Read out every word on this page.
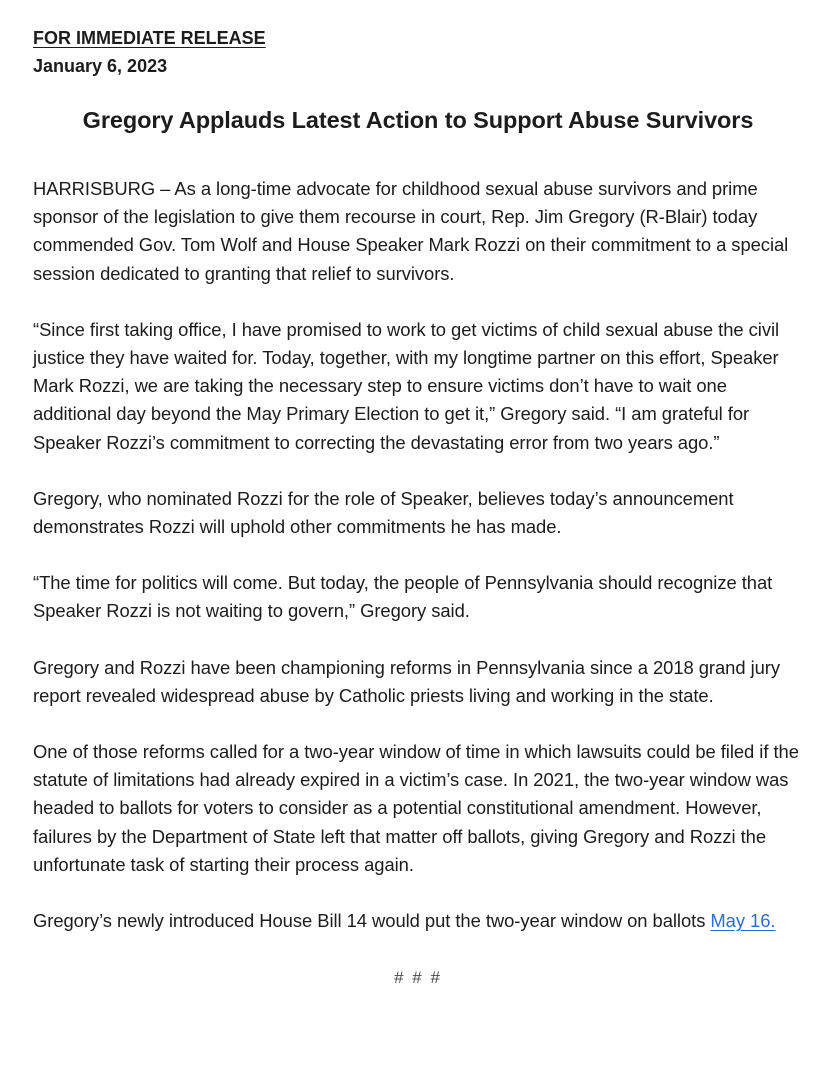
FOR IMMEDIATE RELEASE

January 6, 2023

Gregory Applauds Latest Action to Support Abuse Survivors

HARRISBURG – As a long-time advocate for childhood sexual abuse survivors and prime sponsor of the legislation to give them recourse in court, Rep. Jim Gregory (R-Blair) today commended Gov. Tom Wolf and House Speaker Mark Rozzi on their commitment to a special session dedicated to granting that relief to survivors.

“Since first taking office, I have promised to work to get victims of child sexual abuse the civil justice they have waited for. Today, together, with my longtime partner on this effort, Speaker Mark Rozzi, we are taking the necessary step to ensure victims don’t have to wait one additional day beyond the May Primary Election to get it,” Gregory said. “I am grateful for Speaker Rozzi’s commitment to correcting the devastating error from two years ago.”

Gregory, who nominated Rozzi for the role of Speaker, believes today’s announcement demonstrates Rozzi will uphold other commitments he has made.

“The time for politics will come. But today, the people of Pennsylvania should recognize that Speaker Rozzi is not waiting to govern,” Gregory said.

Gregory and Rozzi have been championing reforms in Pennsylvania since a 2018 grand jury report revealed widespread abuse by Catholic priests living and working in the state.

One of those reforms called for a two-year window of time in which lawsuits could be filed if the statute of limitations had already expired in a victim’s case. In 2021, the two-year window was headed to ballots for voters to consider as a potential constitutional amendment. However, failures by the Department of State left that matter off ballots, giving Gregory and Rozzi the unfortunate task of starting their process again.

Gregory’s newly introduced House Bill 14 would put the two-year window on ballots May 16.

# # #
